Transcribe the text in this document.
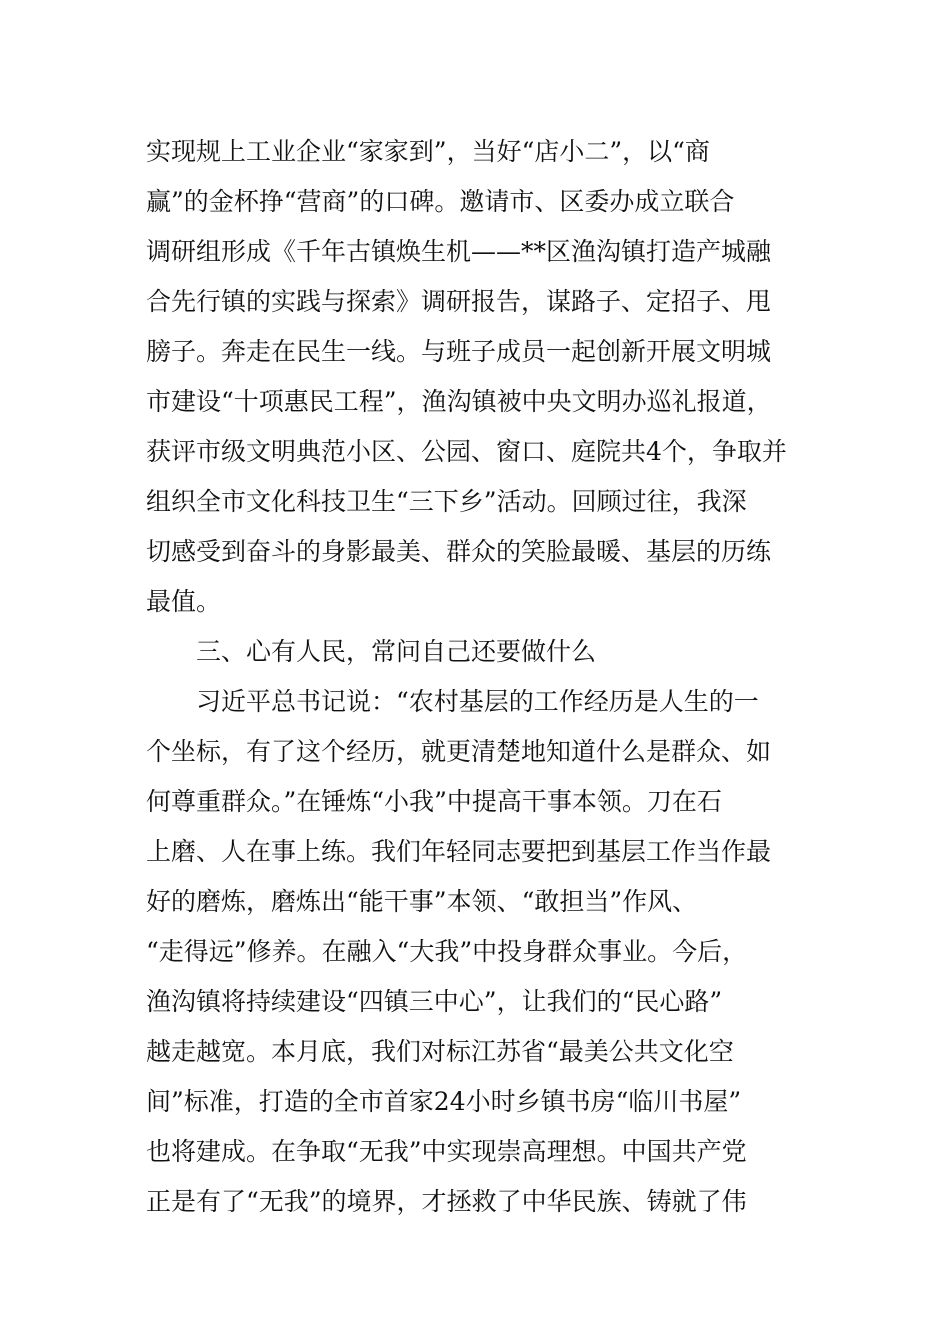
实现规上工业企业“家家到”，当好“店小二”，以“商
赢”的金杯挣“营商”的口碑。邀请市、区委办成立联合
调研组形成《千年古镇焕生机——**区渔沟镇打造产城融
合先行镇的实践与探索》调研报告，谋路子、定招子、甩
膀子。奔走在民生一线。与班子成员一起创新开展文明城
市建设“十项惠民工程”，渔沟镇被中央文明办巡礼报道，
获评市级文明典范小区、公园、窗口、庭院共4个，争取并
组织全市文化科技卫生“三下乡”活动。回顾过往，我深
切感受到奋斗的身影最美、群众的笑脸最暖、基层的历练
最值。
三、心有人民，常问自己还要做什么
习近平总书记说：“农村基层的工作经历是人生的一
个坐标，有了这个经历，就更清楚地知道什么是群众、如
何尊重群众。”在锤炼“小我”中提高干事本领。刀在石
上磨、人在事上练。我们年轻同志要把到基层工作当作最
好的磨炼，磨炼出“能干事”本领、“敢担当”作风、
“走得远”修养。在融入“大我”中投身群众事业。今后，
渔沟镇将持续建设“四镇三中心”，让我们的“民心路”
越走越宽。本月底，我们对标江苏省“最美公共文化空
间”标准，打造的全市首家24小时乡镇书房“临川书屋”
也将建成。在争取“无我”中实现崇高理想。中国共产党
正是有了“无我”的境界，才拯救了中华民族、铸就了伟
